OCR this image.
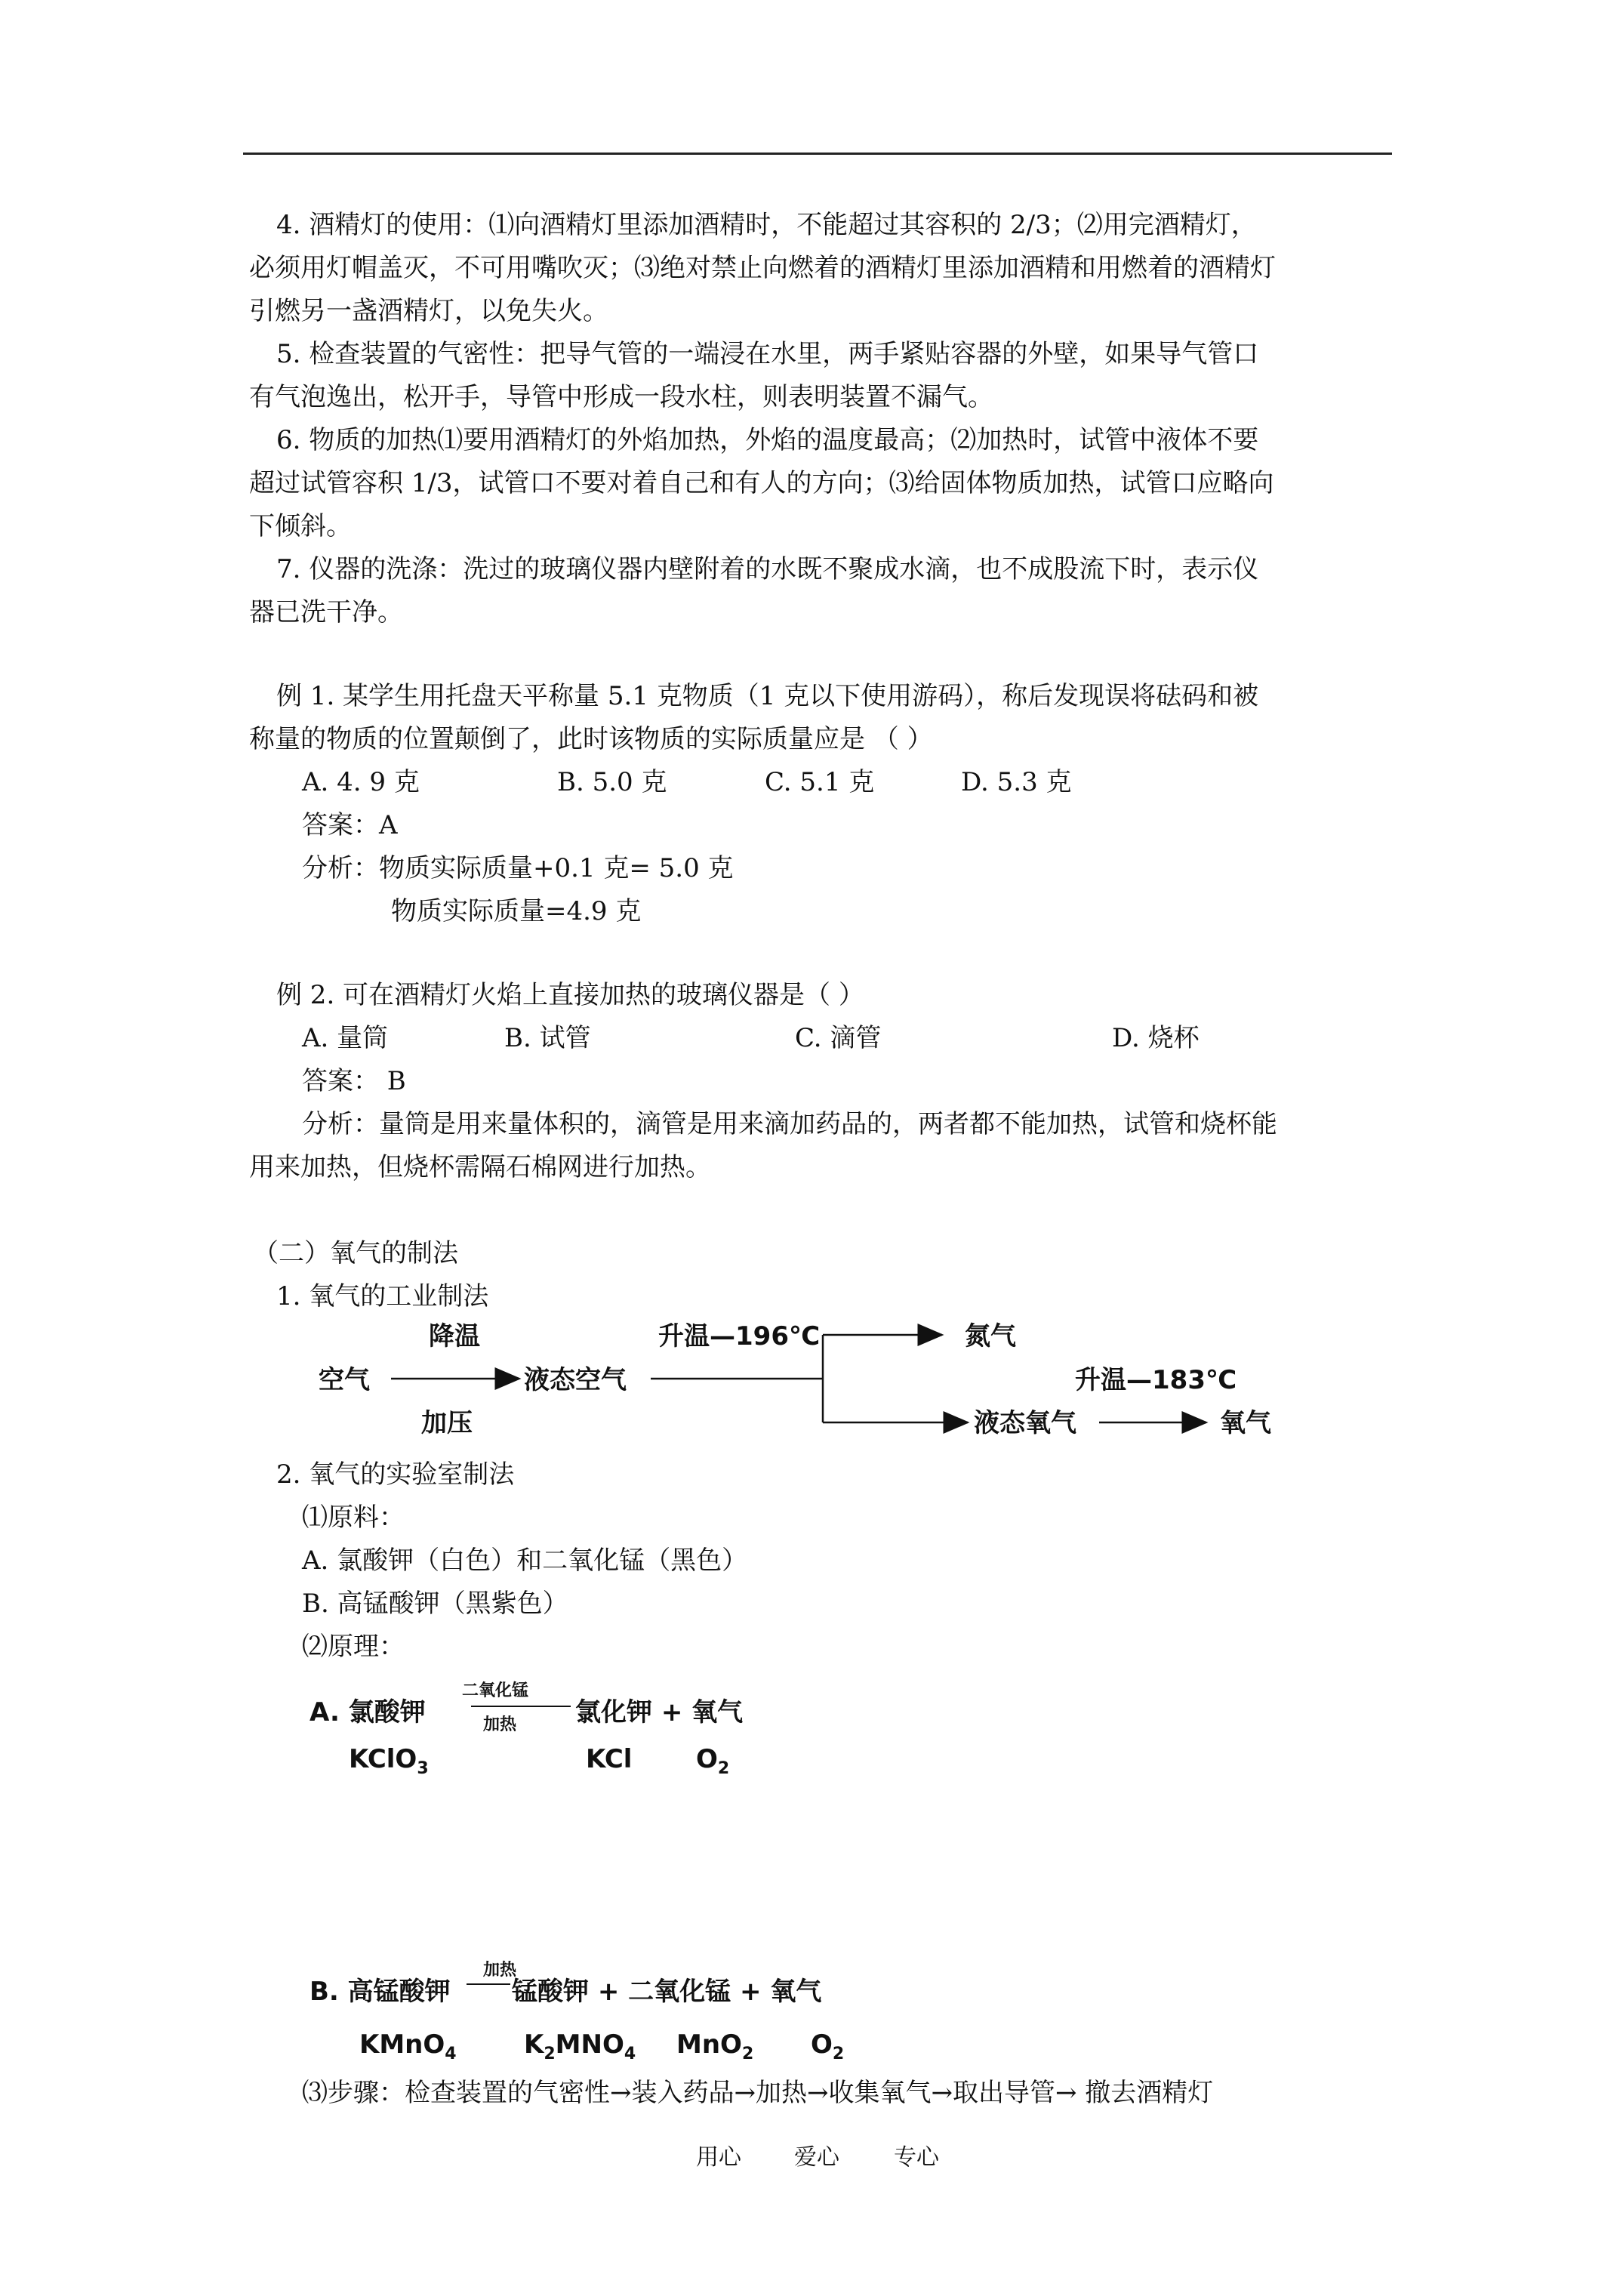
4. 酒精灯的使用：⑴向酒精灯里添加酒精时，不能超过其容积的 2/3；⑵用完酒精灯，
必须用灯帽盖灭，不可用嘴吹灭；⑶绝对禁止向燃着的酒精灯里添加酒精和用燃着的酒精灯
引燃另一盏酒精灯，以免失火。
5. 检查装置的气密性：把导气管的一端浸在水里，两手紧贴容器的外壁，如果导气管口
有气泡逸出，松开手，导管中形成一段水柱，则表明装置不漏气。
6. 物质的加热⑴要用酒精灯的外焰加热，外焰的温度最高；⑵加热时，试管中液体不要
超过试管容积 1/3，试管口不要对着自己和有人的方向；⑶给固体物质加热，试管口应略向
下倾斜。
7. 仪器的洗涤：洗过的玻璃仪器内壁附着的水既不聚成水滴，也不成股流下时，表示仪
器已洗干净。
例 1. 某学生用托盘天平称量 5.1 克物质（1 克以下使用游码），称后发现误将砝码和被
称量的物质的位置颠倒了，此时该物质的实际质量应是 （ ）
A. 4. 9 克	B. 5.0 克	C. 5.1 克	D. 5.3 克
答案：A
分析：物质实际质量+0.1 克= 5.0 克
物质实际质量=4.9 克
例 2. 可在酒精灯火焰上直接加热的玻璃仪器是（ ）
A. 量筒	B. 试管	C. 滴管	D. 烧杯
答案： B
分析：量筒是用来量体积的，滴管是用来滴加药品的，两者都不能加热，试管和烧杯能
用来加热，但烧杯需隔石棉网进行加热。
（二）氧气的制法
1. 氧气的工业制法
降温
空气
加压
液态空气
升温—196℃	氮气
升温—183℃
液态氧气	氧气
2. 氧气的实验室制法
⑴原料：
A. 氯酸钾（白色）和二氧化锰（黑色）
B. 高锰酸钾（黑紫色）
⑵原理：
A. 氯酸钾
二氧化锰
加热 氯化钾 + 氧气
KClO$_3$	KCl $O_2$
B. 高锰酸钾
加热
锰酸钾 + 二氧化锰 + 氧气
KMnO$_4$	$K_2MNO_4$ MnO$_2$ $O_2$
⑶步骤：检查装置的气密性→装入药品→加热→收集氧气→取出导管→ 撤去酒精灯
用心 爱心 专心
